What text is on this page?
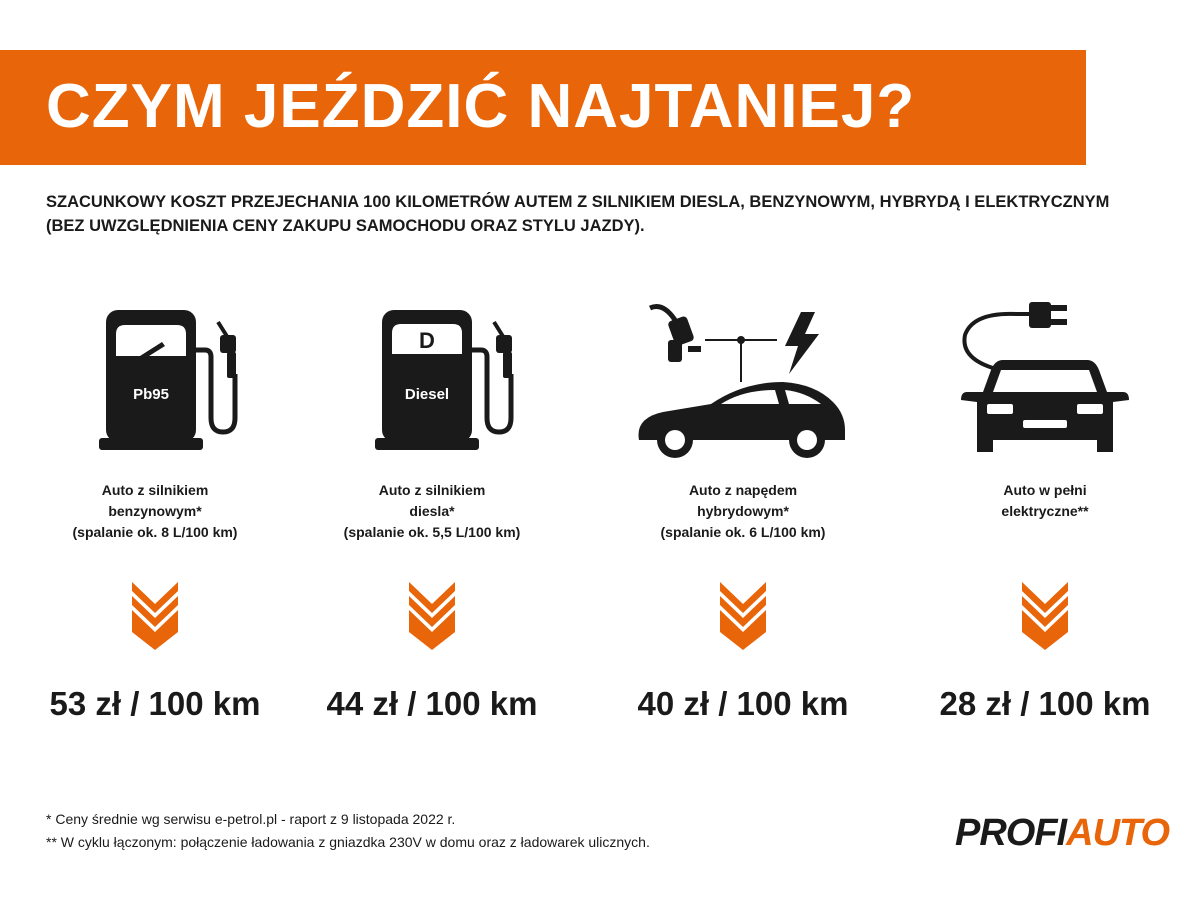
CZYM JEŹDZIĆ NAJTANIEJ?

SZACUNKOWY KOSZT PRZEJECHANIA 100 KILOMETRÓW AUTEM Z SILNIKIEM DIESLA, BENZYNOWYM, HYBRYDĄ I ELEKTRYCZNYM (BEZ UWZGLĘDNIENIA CENY ZAKUPU SAMOCHODU ORAZ STYLU JAZDY).

Pb95
Auto z silnikiem
benzynowym*
(spalanie ok. 8 L/100 km)
53 zł / 100 km
D
Diesel
Auto z silnikiem
diesla*
(spalanie ok. 5,5 L/100 km)
44 zł / 100 km
Auto z napędem
hybrydowym*
(spalanie ok. 6 L/100 km)
40 zł / 100 km
Auto w pełni
elektryczne**
28 zł / 100 km
* Ceny średnie wg serwisu e-petrol.pl - raport z 9 listopada 2022 r.
** W cyklu łączonym: połączenie ładowania z gniazdka 230V w domu oraz z ładowarek ulicznych.	PROFIAUTO
